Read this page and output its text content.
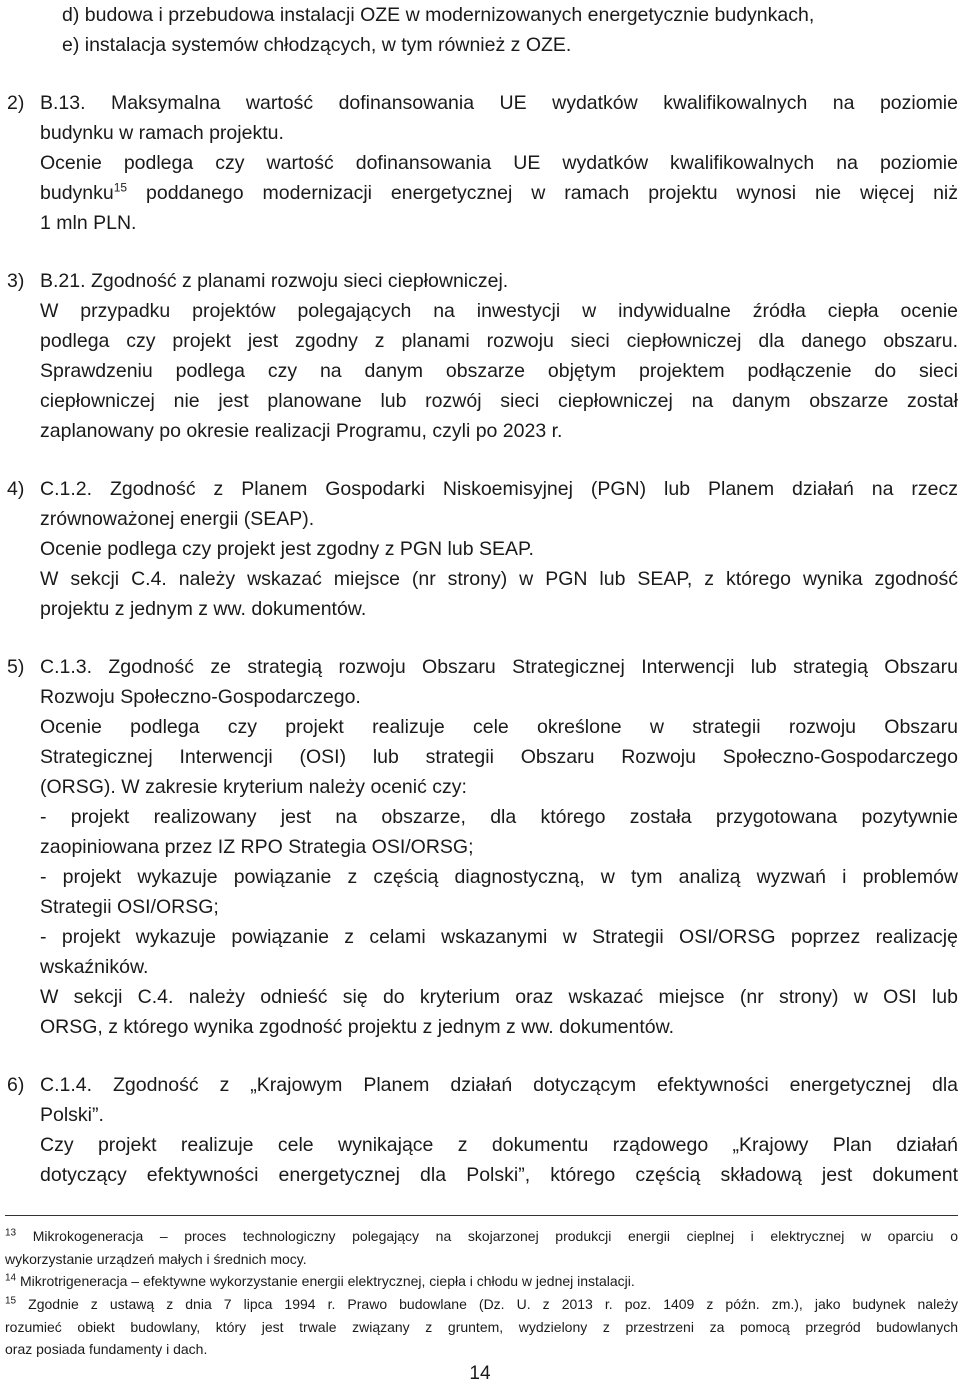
d) budowa i przebudowa instalacji OZE w modernizowanych energetycznie budynkach,
e) instalacja systemów chłodzących, w tym również z OZE.
2) B.13. Maksymalna wartość dofinansowania UE wydatków kwalifikowalnych na poziomie
budynku w ramach projektu.
Ocenie podlega czy wartość dofinansowania UE wydatków kwalifikowalnych na poziomie
budynku$^{15}$ poddanego modernizacji energetycznej w ramach projektu wynosi nie więcej niż
1 mln PLN.
3) B.21. Zgodność z planami rozwoju sieci ciepłowniczej.
W przypadku projektów polegających na inwestycji w indywidualne źródła ciepła ocenie
podlega czy projekt jest zgodny z planami rozwoju sieci ciepłowniczej dla danego obszaru.
Sprawdzeniu podlega czy na danym obszarze objętym projektem podłączenie do sieci
ciepłowniczej nie jest planowane lub rozwój sieci ciepłowniczej na danym obszarze został
zaplanowany po okresie realizacji Programu, czyli po 2023 r.
4) C.1.2. Zgodność z Planem Gospodarki Niskoemisyjnej (PGN) lub Planem działań na rzecz
zrównoważonej energii (SEAP).
Ocenie podlega czy projekt jest zgodny z PGN lub SEAP.
W sekcji C.4. należy wskazać miejsce (nr strony) w PGN lub SEAP, z którego wynika zgodność
projektu z jednym z ww. dokumentów.
5) C.1.3. Zgodność ze strategią rozwoju Obszaru Strategicznej Interwencji lub strategią Obszaru
Rozwoju Społeczno-Gospodarczego.
Ocenie podlega czy projekt realizuje cele określone w strategii rozwoju Obszaru
Strategicznej Interwencji (OSI) lub strategii Obszaru Rozwoju Społeczno-Gospodarczego
(ORSG). W zakresie kryterium należy ocenić czy:
- projekt realizowany jest na obszarze, dla którego została przygotowana pozytywnie
zaopiniowana przez IZ RPO Strategia OSI/ORSG;
- projekt wykazuje powiązanie z częścią diagnostyczną, w tym analizą wyzwań i problemów
Strategii OSI/ORSG;
- projekt wykazuje powiązanie z celami wskazanymi w Strategii OSI/ORSG poprzez realizację
wskaźników.
W sekcji C.4. należy odnieść się do kryterium oraz wskazać miejsce (nr strony) w OSI lub
ORSG, z którego wynika zgodność projektu z jednym z ww. dokumentów.
6) C.1.4. Zgodność z „Krajowym Planem działań dotyczącym efektywności energetycznej dla
Polski”.
Czy projekt realizuje cele wynikające z dokumentu rządowego „Krajowy Plan działań
dotyczący efektywności energetycznej dla Polski”, którego częścią składową jest dokument
$^{13}$ Mikrokogeneracja – proces technologiczny polegający na skojarzonej produkcji energii cieplnej i elektrycznej w oparciu o
wykorzystanie urządzeń małych i średnich mocy.
$^{14}$ Mikrotrigeneracja – efektywne wykorzystanie energii elektrycznej, ciepła i chłodu w jednej instalacji.
$^{15}$ Zgodnie z ustawą z dnia 7 lipca 1994 r. Prawo budowlane (Dz. U. z 2013 r. poz. 1409 z późn. zm.), jako budynek należy
rozumieć obiekt budowlany, który jest trwale związany z gruntem, wydzielony z przestrzeni za pomocą przegród budowlanych
oraz posiada fundamenty i dach.
14
